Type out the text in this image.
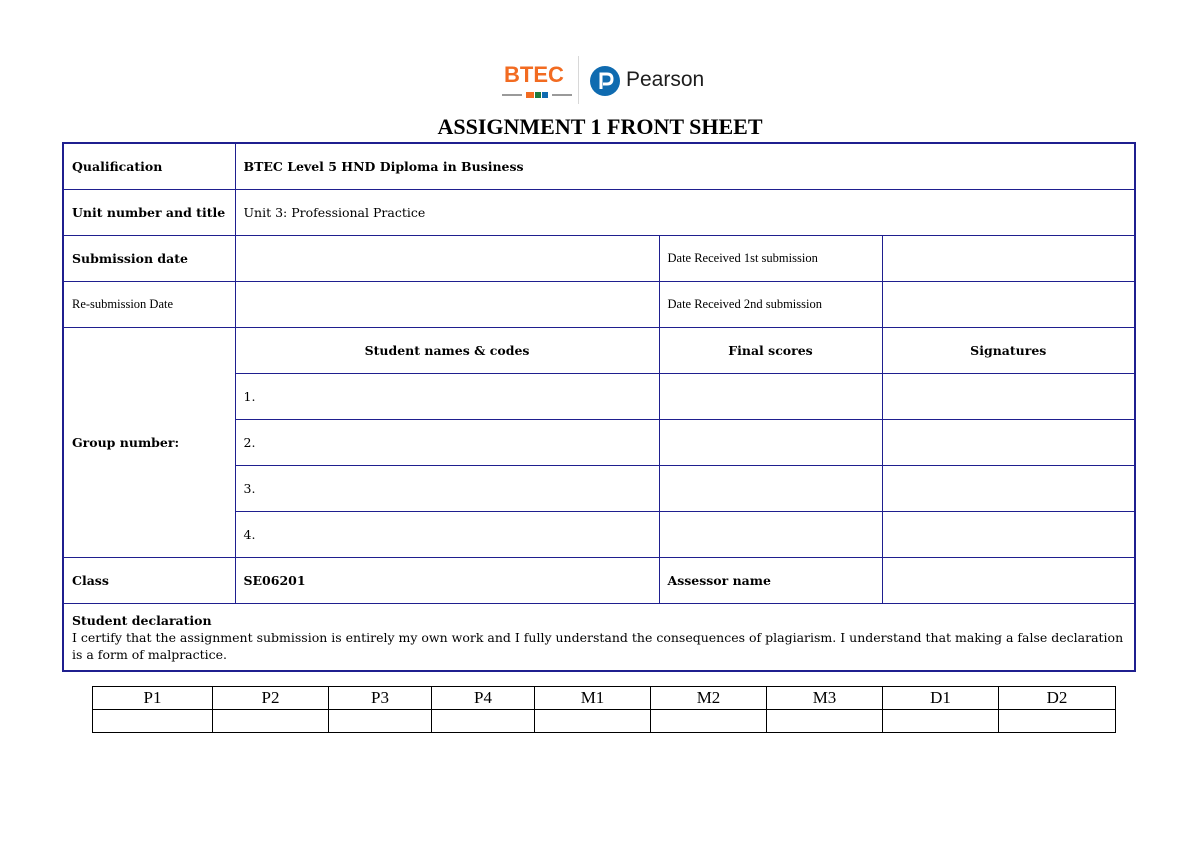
BTEC	Pearson
ASSIGNMENT 1 FRONT SHEET
Qualification	BTEC Level 5 HND Diploma in Business		
Unit number and title	Unit 3: Professional Practice		
Submission date		Date Received 1st submission	
Re-submission Date		Date Received 2nd submission	
Group number:	Student names & codes	Final scores	Signatures
	1.		
	2.		
	3.		
	4.		
Class	SE06201	Assessor name	

Student declaration
I certify that the assignment submission is entirely my own work and I fully understand the consequences of plagiarism. I understand that making a false declaration is a form of malpractice.			
P1	P2	P3	P4	M1	M2	M3	D1	D2
